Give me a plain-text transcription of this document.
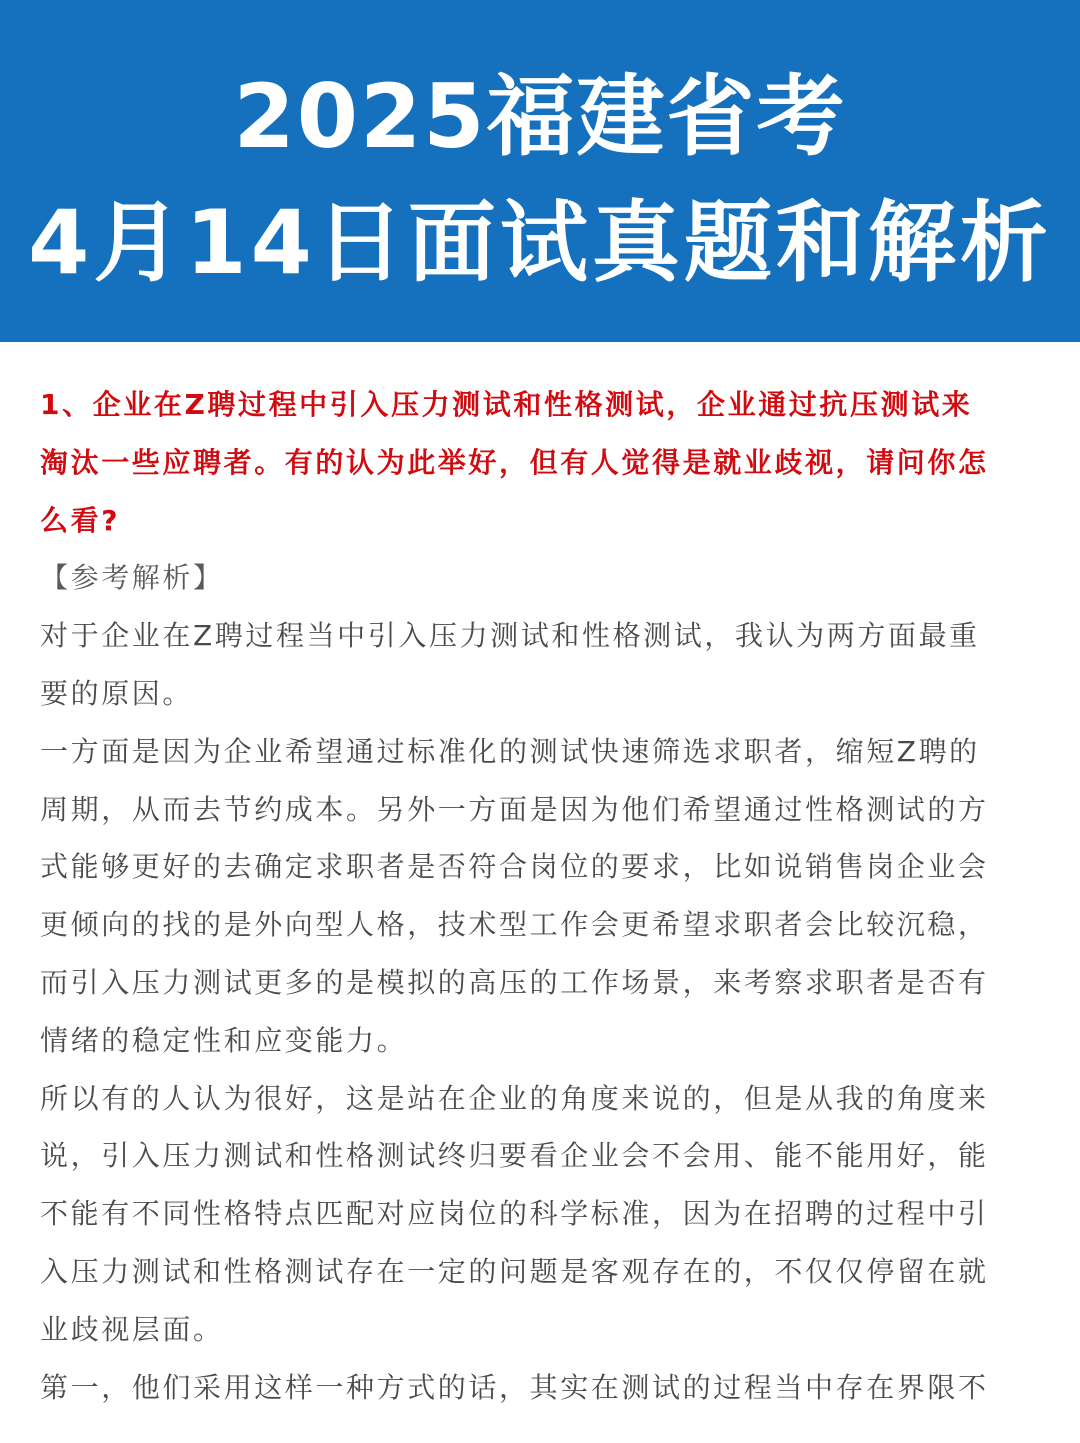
2025福建省考
4月14日面试真题和解析
1、企业在Z聘过程中引入压力测试和性格测试，企业通过抗压测试来
淘汰一些应聘者。有的认为此举好，但有人觉得是就业歧视，请问你怎
么看?
【参考解析】
对于企业在Z聘过程当中引入压力测试和性格测试，我认为两方面最重
要的原因。
一方面是因为企业希望通过标准化的测试快速筛选求职者，缩短Z聘的
周期，从而去节约成本。另外一方面是因为他们希望通过性格测试的方
式能够更好的去确定求职者是否符合岗位的要求，比如说销售岗企业会
更倾向的找的是外向型人格，技术型工作会更希望求职者会比较沉稳，
而引入压力测试更多的是模拟的高压的工作场景，来考察求职者是否有
情绪的稳定性和应变能力。
所以有的人认为很好，这是站在企业的角度来说的，但是从我的角度来
说，引入压力测试和性格测试终归要看企业会不会用、能不能用好，能
不能有不同性格特点匹配对应岗位的科学标准，因为在招聘的过程中引
入压力测试和性格测试存在一定的问题是客观存在的，不仅仅停留在就
业歧视层面。
第一，他们采用这样一种方式的话，其实在测试的过程当中存在界限不
